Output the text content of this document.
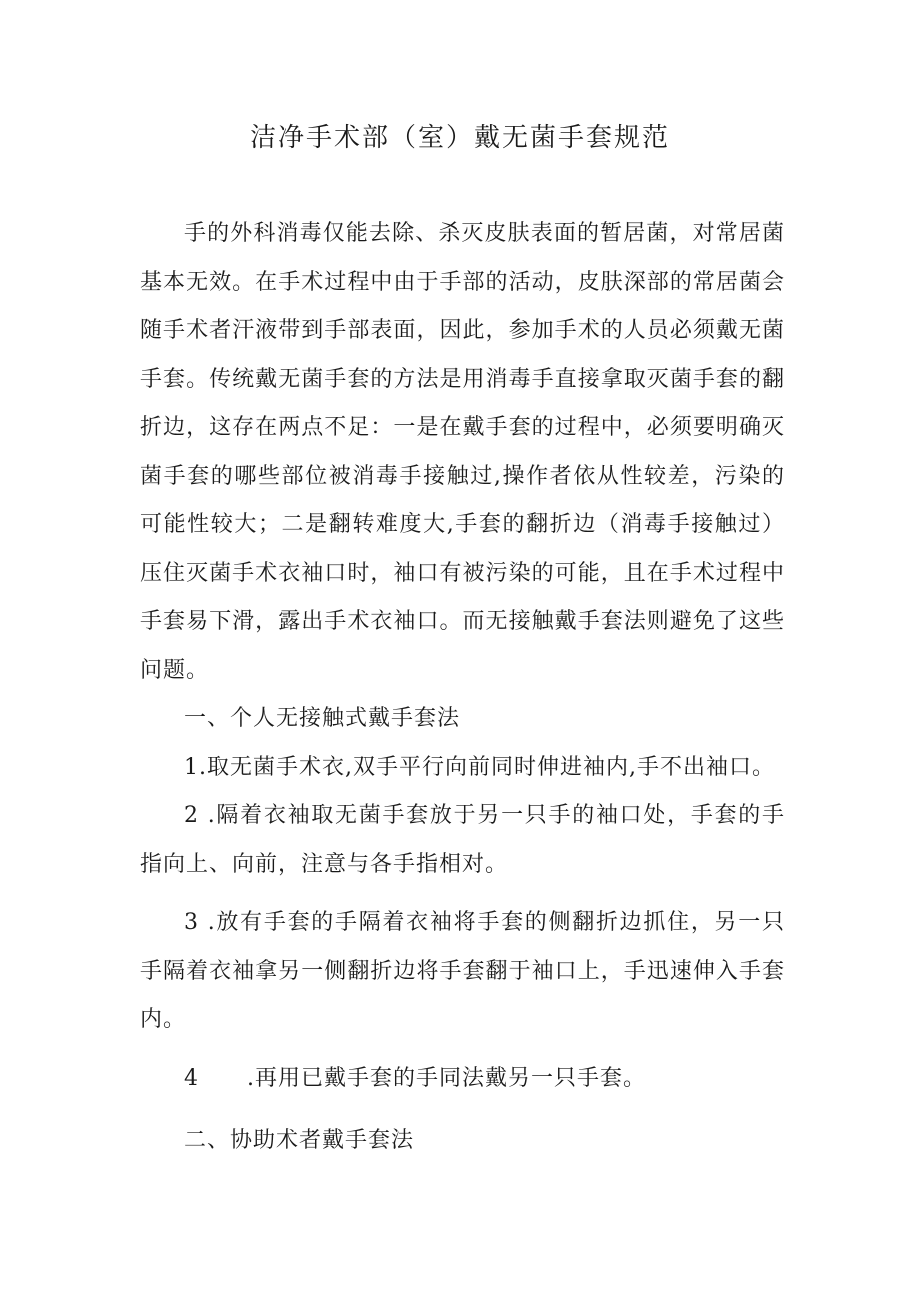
洁净手术部（室）戴无菌手套规范

手的外科消毒仅能去除、杀灭皮肤表面的暂居菌，对常居菌基本无效。在手术过程中由于手部的活动，皮肤深部的常居菌会随手术者汗液带到手部表面，因此，参加手术的人员必须戴无菌手套。传统戴无菌手套的方法是用消毒手直接拿取灭菌手套的翻折边，这存在两点不足：一是在戴手套的过程中，必须要明确灭菌手套的哪些部位被消毒手接触过,操作者依从性较差，污染的可能性较大；二是翻转难度大,手套的翻折边（消毒手接触过）压住灭菌手术衣袖口时，袖口有被污染的可能，且在手术过程中手套易下滑，露出手术衣袖口。而无接触戴手套法则避免了这些问题。

一、个人无接触式戴手套法

1.取无菌手术衣,双手平行向前同时伸进袖内,手不出袖口。

2 .隔着衣袖取无菌手套放于另一只手的袖口处，手套的手指向上、向前，注意与各手指相对。

3 .放有手套的手隔着衣袖将手套的侧翻折边抓住，另一只手隔着衣袖拿另一侧翻折边将手套翻于袖口上，手迅速伸入手套内。

4 .再用已戴手套的手同法戴另一只手套。

二、协助术者戴手套法
